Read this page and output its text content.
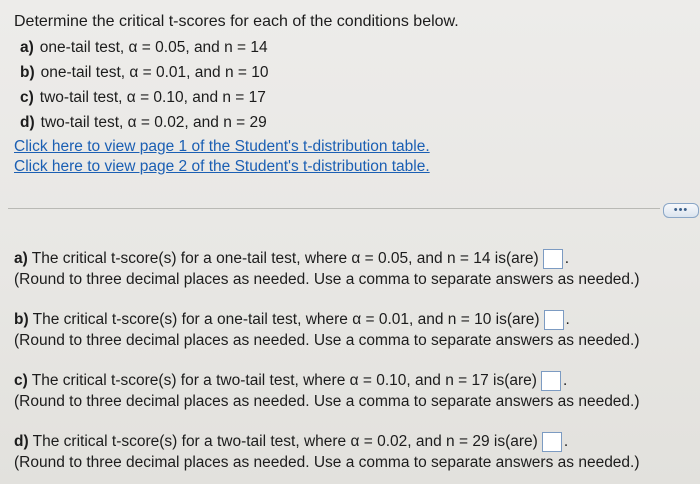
Determine the critical t-scores for each of the conditions below.

a) one-tail test, α = 0.05, and n = 14
b) one-tail test, α = 0.01, and n = 10
c) two-tail test, α = 0.10, and n = 17
d) two-tail test, α = 0.02, and n = 29
Click here to view page 1 of the Student's t-distribution table.
Click here to view page 2 of the Student's t-distribution table.
•••
a) The critical t-score(s) for a one-tail test, where α = 0.05, and n = 14 is(are) .
(Round to three decimal places as needed. Use a comma to separate answers as needed.)
b) The critical t-score(s) for a one-tail test, where α = 0.01, and n = 10 is(are) .
(Round to three decimal places as needed. Use a comma to separate answers as needed.)
c) The critical t-score(s) for a two-tail test, where α = 0.10, and n = 17 is(are) .
(Round to three decimal places as needed. Use a comma to separate answers as needed.)
d) The critical t-score(s) for a two-tail test, where α = 0.02, and n = 29 is(are) .
(Round to three decimal places as needed. Use a comma to separate answers as needed.)
